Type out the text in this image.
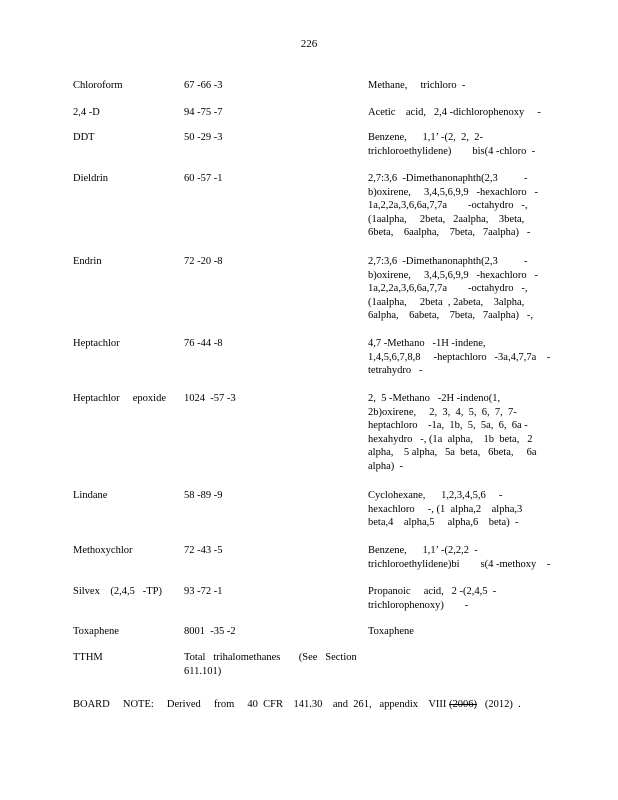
226
Chloroform	67 -66 -3	Methane,     trichloro  -
2,4 -D	94 -75 -7	Acetic    acid,   2,4 -dichlorophenoxy     -
DDT	50 -29 -3	Benzene,      1,1’ -(2,  2,  2-
trichloroethylidene)        bis(4 -chloro  -
Dieldrin	60 -57 -1	2,7:3,6  -Dimethanonaphth(2,3          -
b)oxirene,     3,4,5,6,9,9   -hexachloro   -
1a,2,2a,3,6,6a,7,7a        -octahydro   -,
(1aalpha,     2beta,   2aalpha,    3beta,
6beta,    6aalpha,    7beta,   7aalpha)   -
Endrin	72 -20 -8	2,7:3,6  -Dimethanonaphth(2,3          -
b)oxirene,     3,4,5,6,9,9   -hexachloro   -
1a,2,2a,3,6,6a,7,7a        -octahydro   -,
(1aalpha,     2beta  , 2abeta,    3alpha,
6alpha,    6abeta,    7beta,   7aalpha)   -,
Heptachlor	76 -44 -8	4,7 -Methano   -1H -indene,
1,4,5,6,7,8,8     -heptachloro   -3a,4,7,7a    -
tetrahydro   -
Heptachlor     epoxide	1024  -57 -3	2,  5 -Methano   -2H -indeno(1,
2b)oxirene,     2,  3,  4,  5,  6,  7,  7-
heptachloro    -1a,  1b,  5,  5a,  6,  6a -
hexahydro   -, (1a  alpha,    1b  beta,   2
alpha,    5 alpha,   5a  beta,   6beta,     6a
alpha)  -
Lindane	58 -89 -9	Cyclohexane,      1,2,3,4,5,6     -
hexachloro     -, (1  alpha,2    alpha,3
beta,4    alpha,5     alpha,6    beta)  -
Methoxychlor	72 -43 -5	Benzene,      1,1’ -(2,2,2  -
trichloroethylidene)bi        s(4 -methoxy    -
Silvex    (2,4,5   -TP)	93 -72 -1	Propanoic     acid,   2 -(2,4,5  -
trichlorophenoxy)        -
Toxaphene	8001  -35 -2	Toxaphene
TTHM	Total   trihalomethanes       (See   Section
611.101)
BOARD     NOTE:     Derived     from     40  CFR    141.30    and  261,   appendix    VIII (2006)   (2012)  .
